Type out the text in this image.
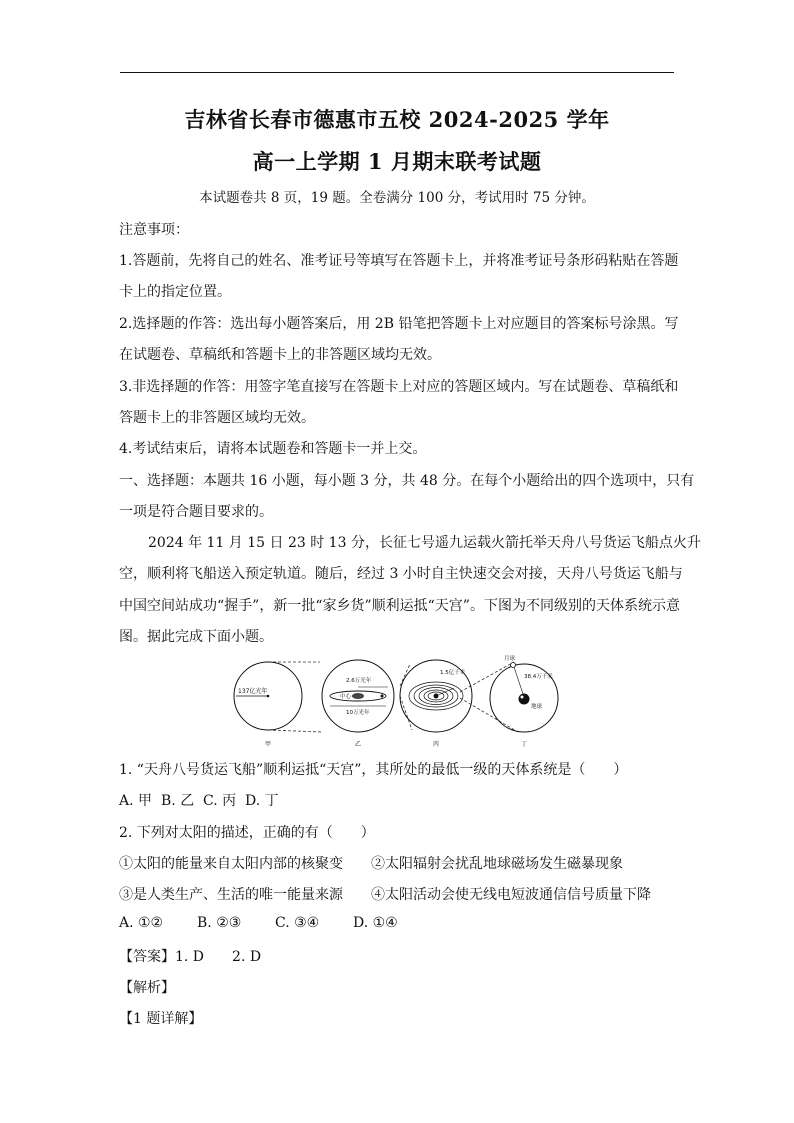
吉林省长春市德惠市五校 2024-2025 学年
高一上学期 1 月期末联考试题
本试题卷共 8 页，19 题。全卷满分 100 分，考试用时 75 分钟。
注意事项：
1.答题前，先将自己的姓名、准考证号等填写在答题卡上，并将准考证号条形码粘贴在答题
卡上的指定位置。
2.选择题的作答：选出每小题答案后，用 2B 铅笔把答题卡上对应题目的答案标号涂黑。写
在试题卷、草稿纸和答题卡上的非答题区域均无效。
3.非选择题的作答：用签字笔直接写在答题卡上对应的答题区域内。写在试题卷、草稿纸和
答题卡上的非答题区域均无效。
4.考试结束后，请将本试题卷和答题卡一并上交。
一、选择题：本题共 16 小题，每小题 3 分，共 48 分。在每个小题给出的四个选项中，只有
一项是符合题目要求的。
2024 年 11 月 15 日 23 时 13 分，长征七号遥九运载火箭托举天舟八号货运飞船点火升
空，顺利将飞船送入预定轨道。随后，经过 3 小时自主快速交会对接，天舟八号货运飞船与
中国空间站成功“握手”，新一批“家乡货”顺利运抵“天宫”。下图为不同级别的天体系统示意
图。据此完成下面小题。
137亿光年
2.6万光年
中心
10万光年
1.5亿千米
月球
38.4万千米
地球
甲	乙	丙	丁
1. “天舟八号货运飞船”顺利运抵“天宫”，其所处的最低一级的天体系统是（　　）
A. 甲 B. 乙 C. 丙 D. 丁
2. 下列对太阳的描述，正确的有（　　）
①太阳的能量来自太阳内部的核聚变 ②太阳辐射会扰乱地球磁场发生磁暴现象
③是人类生产、生活的唯一能量来源 ④太阳活动会使无线电短波通信信号质量下降
A. ①② B. ②③ C. ③④ D. ①④
【答案】1. D　　2. D
【解析】
【1 题详解】
